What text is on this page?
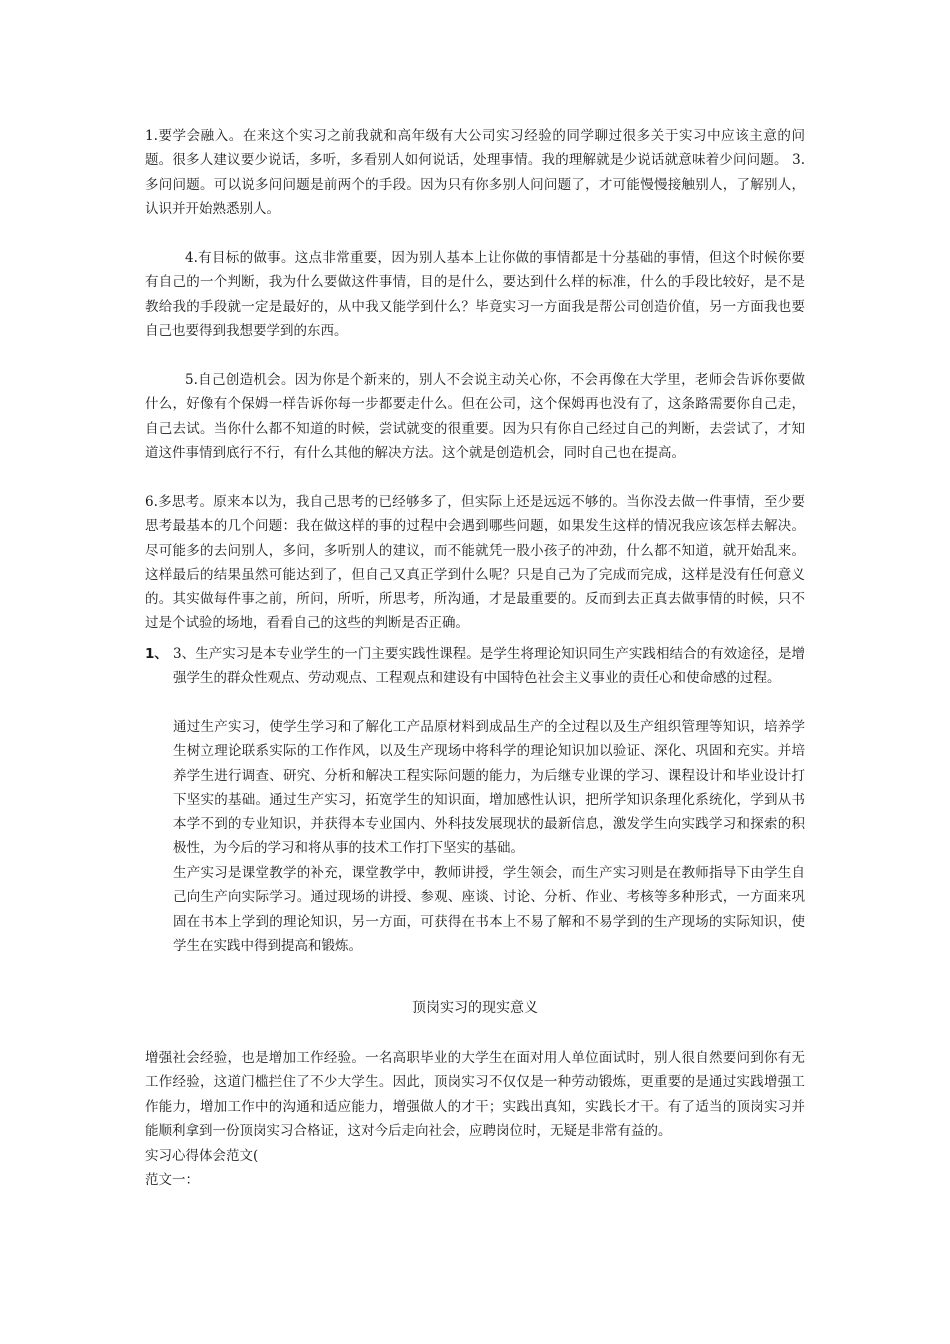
1.要学会融入。在来这个实习之前我就和高年级有大公司实习经验的同学聊过很多关于实习中应该主意的问题。很多人建议要少说话，多听，多看别人如何说话，处理事情。我的理解就是少说话就意味着少问问题。 3.多问问题。可以说多问问题是前两个的手段。因为只有你多别人问问题了，才可能慢慢接触别人，了解别人，认识并开始熟悉别人。

4.有目标的做事。这点非常重要，因为别人基本上让你做的事情都是十分基础的事情，但这个时候你要有自己的一个判断，我为什么要做这件事情，目的是什么，要达到什么样的标准，什么的手段比较好，是不是教给我的手段就一定是最好的，从中我又能学到什么？毕竟实习一方面我是帮公司创造价值，另一方面我也要自己也要得到我想要学到的东西。

5.自己创造机会。因为你是个新来的，别人不会说主动关心你，不会再像在大学里，老师会告诉你要做什么，好像有个保姆一样告诉你每一步都要走什么。但在公司，这个保姆再也没有了，这条路需要你自己走，自己去试。当你什么都不知道的时候，尝试就变的很重要。因为只有你自己经过自己的判断，去尝试了，才知道这件事情到底行不行，有什么其他的解决方法。这个就是创造机会，同时自己也在提高。

6.多思考。原来本以为，我自己思考的已经够多了，但实际上还是远远不够的。当你没去做一件事情，至少要思考最基本的几个问题：我在做这样的事的过程中会遇到哪些问题，如果发生这样的情况我应该怎样去解决。尽可能多的去问别人，多问，多听别人的建议，而不能就凭一股小孩子的冲劲，什么都不知道，就开始乱来。这样最后的结果虽然可能达到了，但自己又真正学到什么呢？只是自己为了完成而完成，这样是没有任何意义的。其实做每件事之前，所问，所听，所思考，所沟通，才是最重要的。反而到去正真去做事情的时候，只不过是个试验的场地，看看自己的这些的判断是否正确。

1、 3、生产实习是本专业学生的一门主要实践性课程。是学生将理论知识同生产实践相结合的有效途径，是增强学生的群众性观点、劳动观点、工程观点和建设有中国特色社会主义事业的责任心和使命感的过程。

通过生产实习，使学生学习和了解化工产品原材料到成品生产的全过程以及生产组织管理等知识，培养学生树立理论联系实际的工作作风，以及生产现场中将科学的理论知识加以验证、深化、巩固和充实。并培养学生进行调查、研究、分析和解决工程实际问题的能力，为后继专业课的学习、课程设计和毕业设计打下坚实的基础。通过生产实习，拓宽学生的知识面，增加感性认识，把所学知识条理化系统化，学到从书本学不到的专业知识，并获得本专业国内、外科技发展现状的最新信息，激发学生向实践学习和探索的积极性，为今后的学习和将从事的技术工作打下坚实的基础。

生产实习是课堂教学的补充，课堂教学中，教师讲授，学生领会，而生产实习则是在教师指导下由学生自己向生产向实际学习。通过现场的讲授、参观、座谈、讨论、分析、作业、考核等多种形式，一方面来巩固在书本上学到的理论知识，另一方面，可获得在书本上不易了解和不易学到的生产现场的实际知识，使学生在实践中得到提高和锻炼。

顶岗实习的现实意义

增强社会经验，也是增加工作经验。一名高职毕业的大学生在面对用人单位面试时，别人很自然要问到你有无工作经验，这道门槛拦住了不少大学生。因此，顶岗实习不仅仅是一种劳动锻炼，更重要的是通过实践增强工作能力，增加工作中的沟通和适应能力，增强做人的才干；实践出真知，实践长才干。有了适当的顶岗实习并能顺利拿到一份顶岗实习合格证，这对今后走向社会，应聘岗位时，无疑是非常有益的。

实习心得体会范文(

范文一：
